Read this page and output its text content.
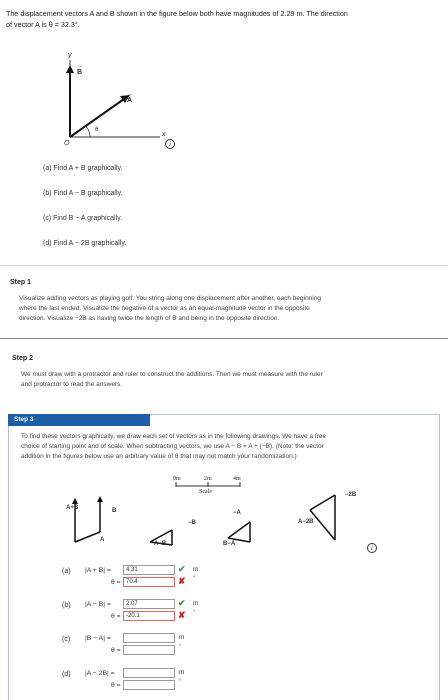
The displacement vectors A and B shown in the figure below both have magnitudes of 2.29 m. The direction
of vector A is θ = 32.3°.
y
x
O
θ
→ B
→ A
i
(a) Find A + B graphically.
(b) Find A − B graphically.
(c) Find B − A graphically.
(d) Find A − 2B graphically.
Step 1
Visualize adding vectors as playing golf. You string along one displacement after another, each beginning
where the last ended. Visualize the negative of a vector as an equal-magnitude vector in the opposite
direction. Visualize −2B as having twice the length of B and being in the opposite direction.
Step 2
We must draw with a protractor and ruler to construct the additions. Then we must measure with the ruler
and protractor to read the answers.
Step 3
To find these vectors graphically, we draw each set of vectors as in the following drawings. We have a free
choice of starting point and of scale. When subtracting vectors, we use A − B = A + (−B). (Note: the vector
addition in the figures below use an arbitrary value of θ that may not match your randomization.)
0m	2m	4m
Scale
A+B	B
A
A−B
−B
−A
B−A
A−2B
−2B
i
(a) |A + B| =	4.31	✔ m
θ = 70.4	✘ °
(b) |A − B| =	2.07	✔ m
θ = -20.1	✘ °
(c) |B − A| =	m
θ =	°
(d) |A − 2B| =	m
θ =	°
